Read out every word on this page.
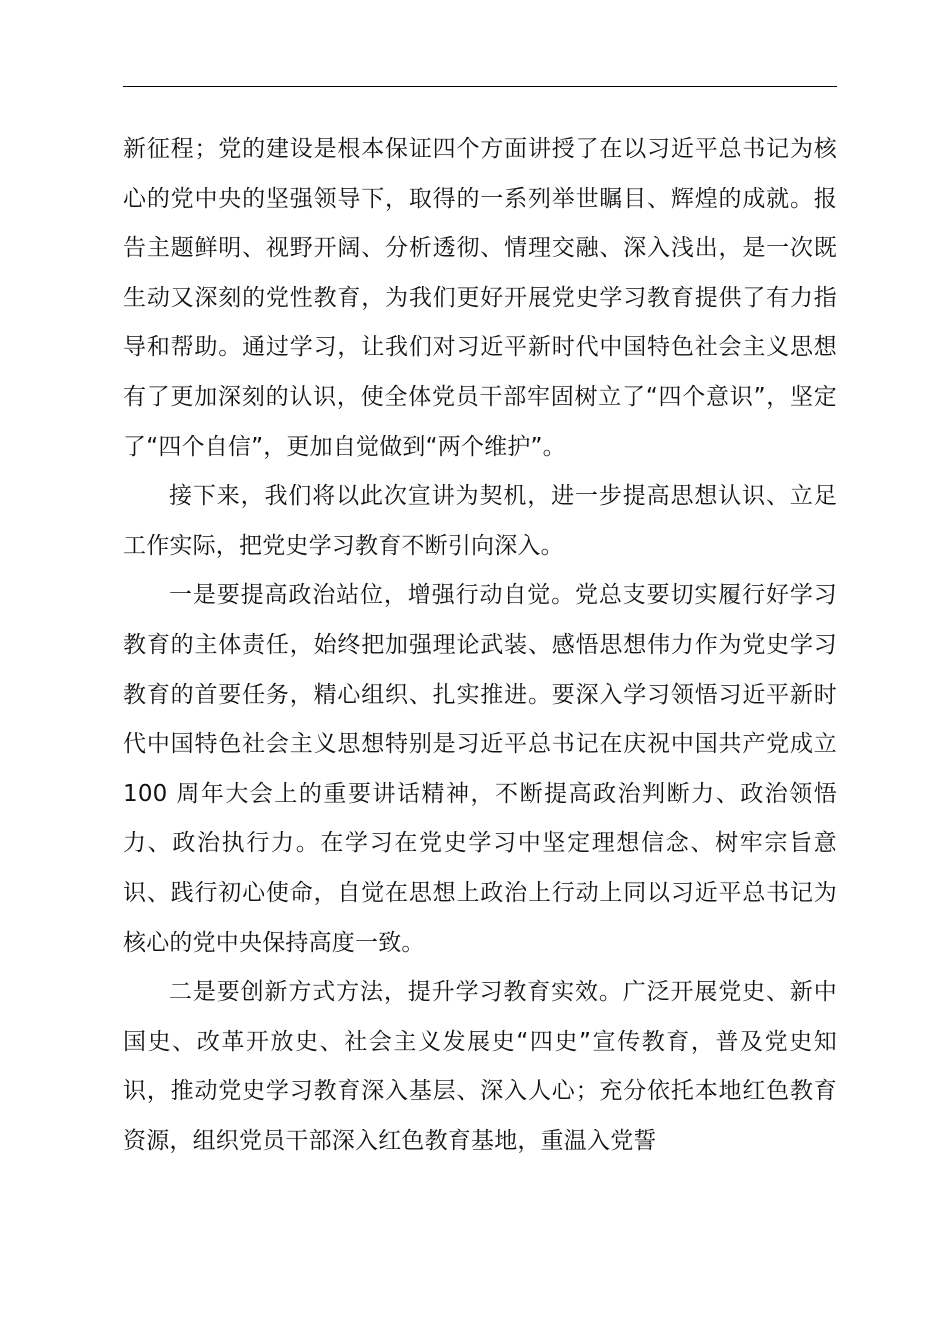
新征程；党的建设是根本保证四个方面讲授了在以习近平总书记为核心的党中央的坚强领导下，取得的一系列举世瞩目、辉煌的成就。报告主题鲜明、视野开阔、分析透彻、情理交融、深入浅出，是一次既生动又深刻的党性教育，为我们更好开展党史学习教育提供了有力指导和帮助。通过学习，让我们对习近平新时代中国特色社会主义思想有了更加深刻的认识，使全体党员干部牢固树立了“四个意识”，坚定了“四个自信”，更加自觉做到“两个维护”。

接下来，我们将以此次宣讲为契机，进一步提高思想认识、立足工作实际，把党史学习教育不断引向深入。

一是要提高政治站位，增强行动自觉。党总支要切实履行好学习教育的主体责任，始终把加强理论武装、感悟思想伟力作为党史学习教育的首要任务，精心组织、扎实推进。要深入学习领悟习近平新时代中国特色社会主义思想特别是习近平总书记在庆祝中国共产党成立 100 周年大会上的重要讲话精神，不断提高政治判断力、政治领悟力、政治执行力。在学习在党史学习中坚定理想信念、树牢宗旨意识、践行初心使命，自觉在思想上政治上行动上同以习近平总书记为核心的党中央保持高度一致。

二是要创新方式方法，提升学习教育实效。广泛开展党史、新中国史、改革开放史、社会主义发展史“四史”宣传教育，普及党史知识，推动党史学习教育深入基层、深入人心；充分依托本地红色教育资源，组织党员干部深入红色教育基地，重温入党誓
